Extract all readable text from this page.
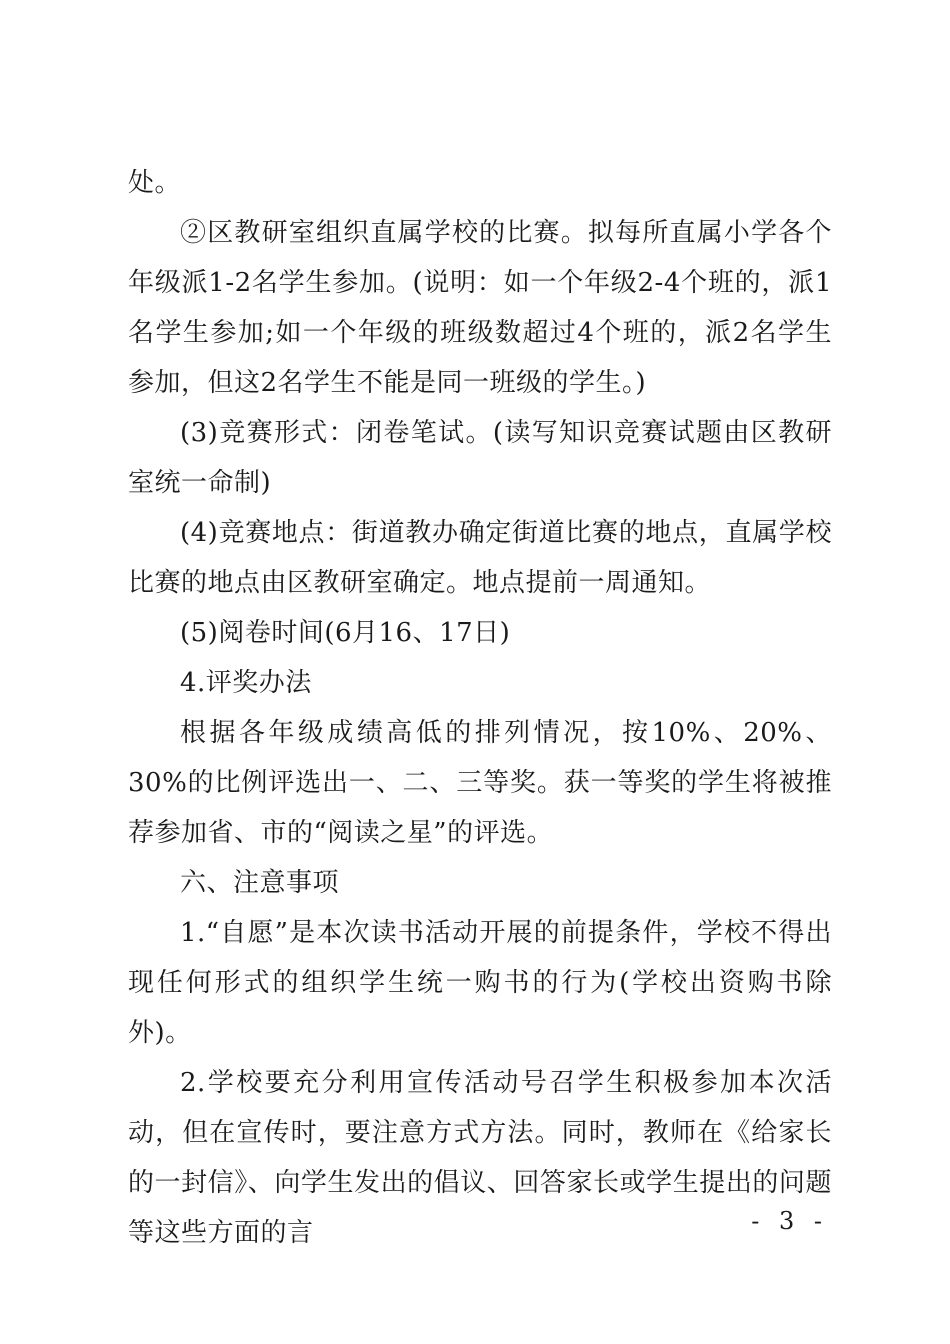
处。

②区教研室组织直属学校的比赛。拟每所直属小学各个年级派1-2名学生参加。(说明：如一个年级2-4个班的，派1名学生参加;如一个年级的班级数超过4个班的，派2名学生参加，但这2名学生不能是同一班级的学生。)

(3)竞赛形式：闭卷笔试。(读写知识竞赛试题由区教研室统一命制)

(4)竞赛地点：街道教办确定街道比赛的地点，直属学校比赛的地点由区教研室确定。地点提前一周通知。

(5)阅卷时间(6月16、17日)

4.评奖办法

根据各年级成绩高低的排列情况，按10%、20%、30%的比例评选出一、二、三等奖。获一等奖的学生将被推荐参加省、市的“阅读之星”的评选。

六、注意事项

1.“自愿”是本次读书活动开展的前提条件，学校不得出现任何形式的组织学生统一购书的行为(学校出资购书除外)。

2.学校要充分利用宣传活动号召学生积极参加本次活动，但在宣传时，要注意方式方法。同时，教师在《给家长的一封信》、向学生发出的倡议、回答家长或学生提出的问题等这些方面的言	- 3 -
